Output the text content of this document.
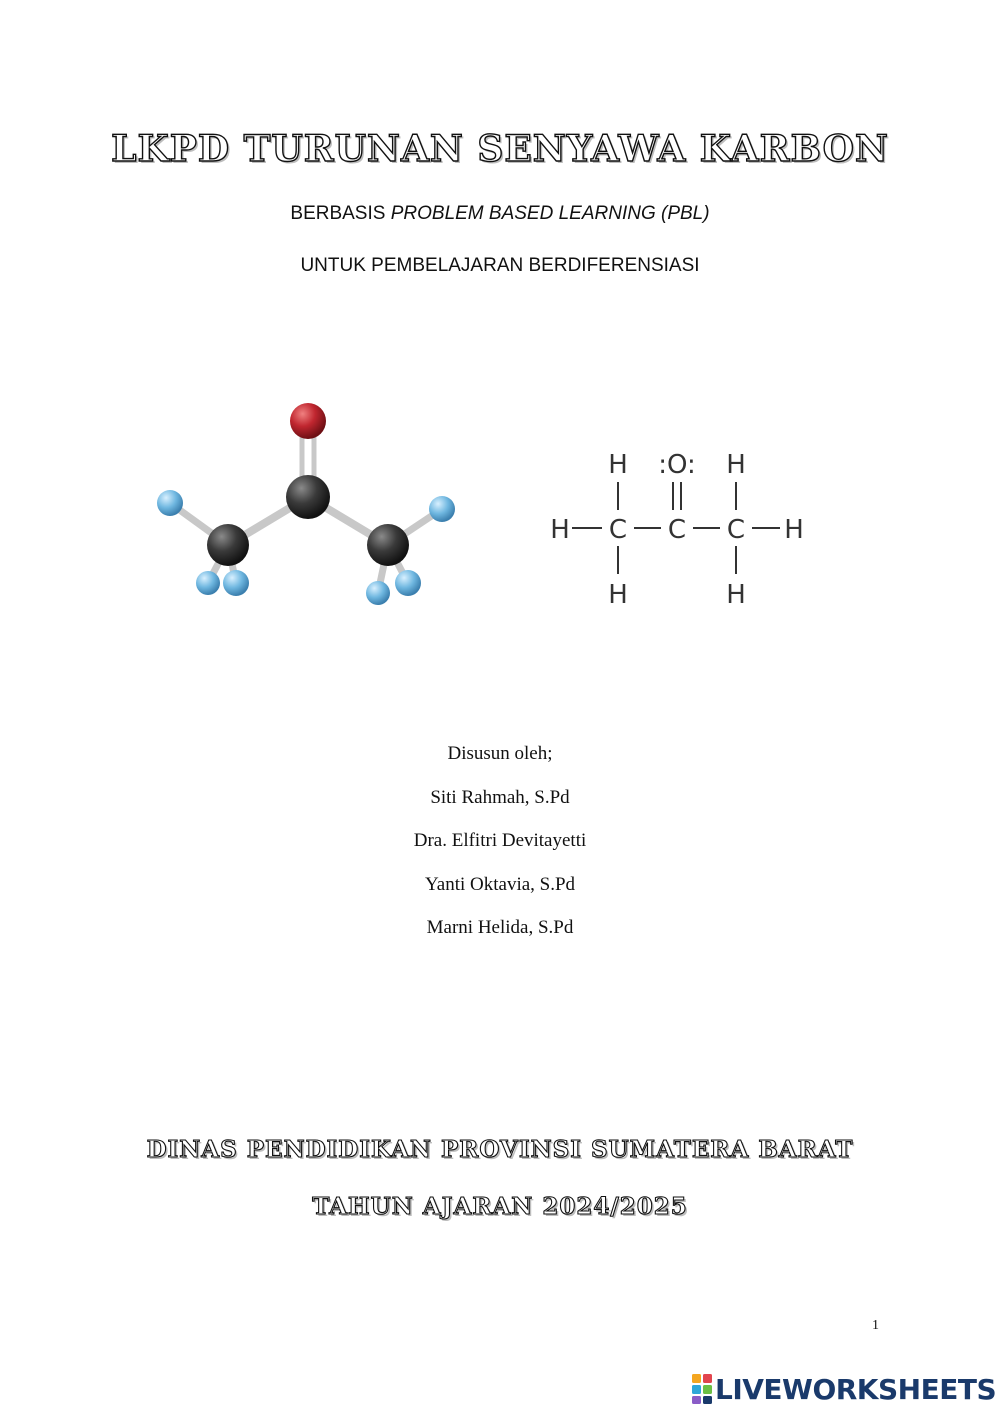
LKPD TURUNAN SENYAWA KARBON
BERBASIS PROBLEM BASED LEARNING (PBL)
UNTUK PEMBELAJARAN BERDIFERENSIASI
H :O: H
H C C C H
H	H
Disusun oleh;
Siti Rahmah, S.Pd
Dra. Elfitri Devitayetti
Yanti Oktavia, S.Pd
Marni Helida, S.Pd
DINAS PENDIDIKAN PROVINSI SUMATERA BARAT
TAHUN AJARAN 2024/2025
1
LIVEWORKSHEETS
